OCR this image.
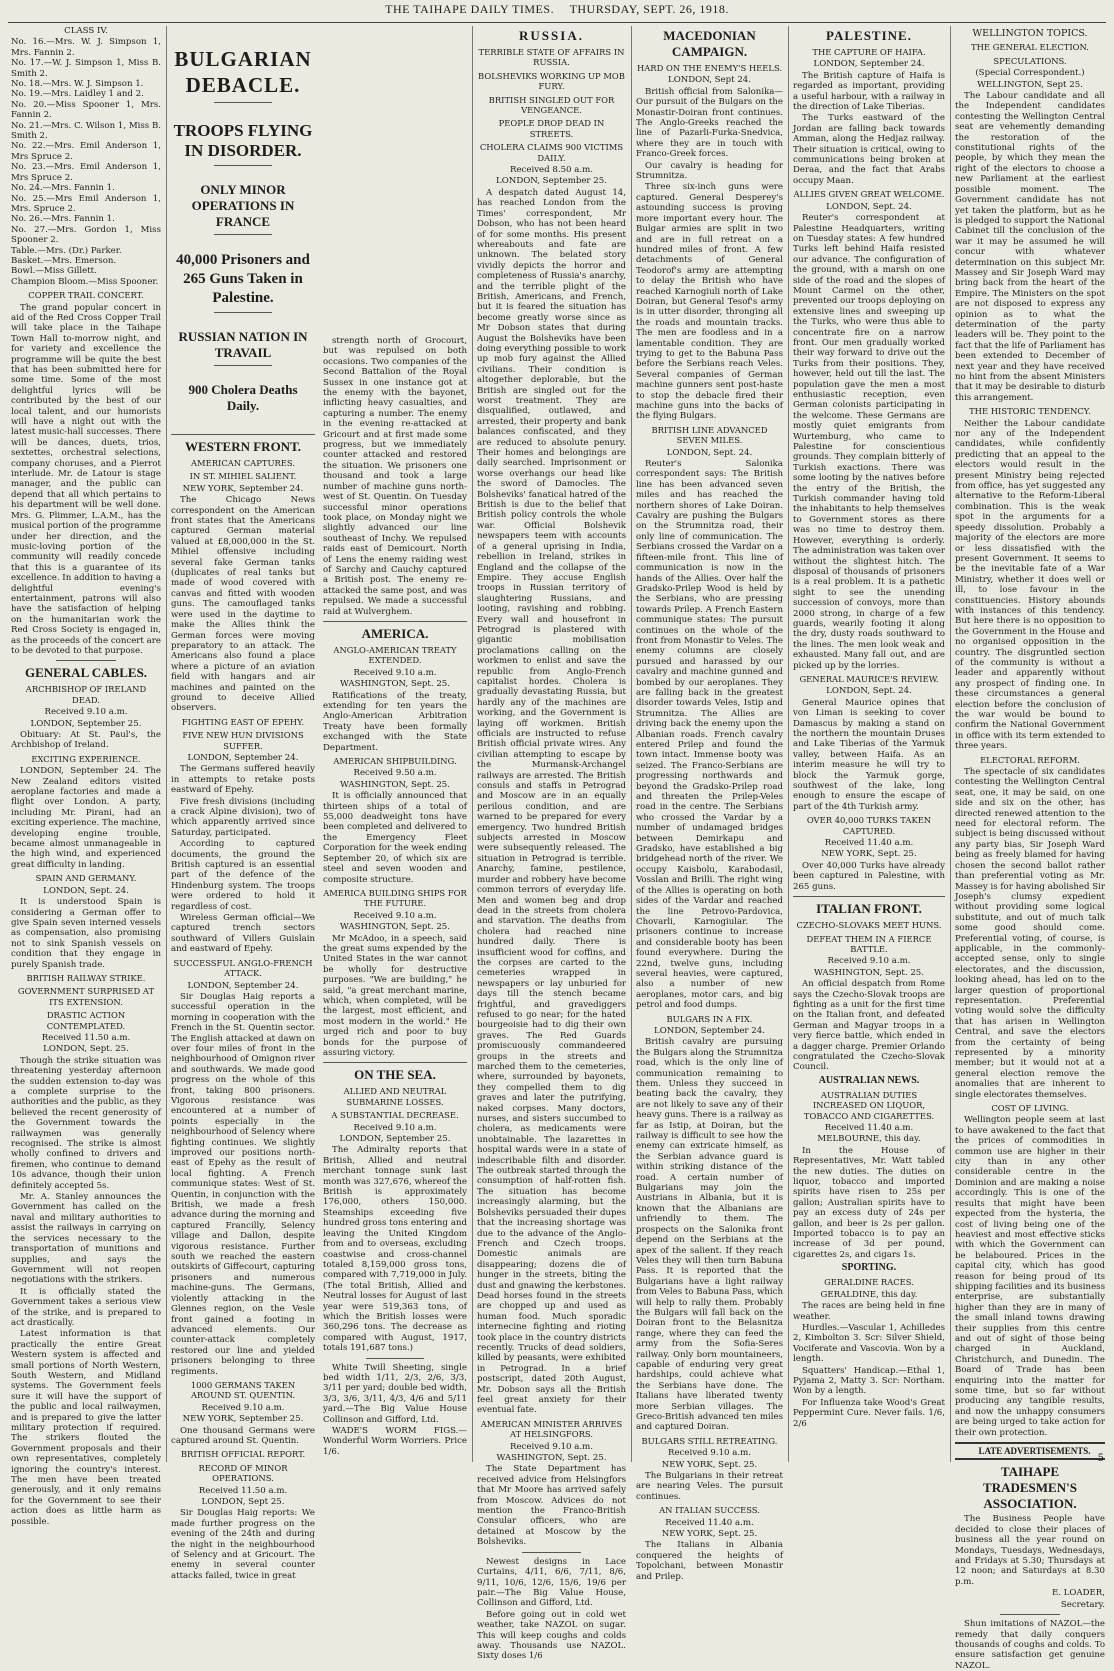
THE TAIHAPE DAILY TIMES. THURSDAY, SEPT. 26, 1918.

CLASS IV.

No. 16.—Mrs. W. J. Simpson 1, Mrs. Fannin 2.

No. 17.—W. J. Simpson 1, Miss B. Smith 2.

No. 18.—Mrs. W. J. Simpson 1.

No. 19.—Mrs. Laidley 1 and 2.

No. 20.—Miss Spooner 1, Mrs. Fannin 2.

No. 21.—Mrs. C. Wilson 1, Miss B. Smith 2.

No. 22.—Mrs. Emil Anderson 1, Mrs Spruce 2.

No. 23.—Mrs. Emil Anderson 1, Mrs Spruce 2.

No. 24.—Mrs. Fannin 1.

No. 25.—Mrs Emil Anderson 1, Mrs. Spruce 2.

No. 26.—Mrs. Fannin 1.

No. 27.—Mrs. Gordon 1, Miss Spooner 2.

Table.—Mrs. (Dr.) Parker.

Basket.—Mrs. Emerson.

Bowl.—Miss Gillett.

Champion Bloom.—Miss Spooner.

COPPER TRAIL CONCERT.

The grand popular concert in aid of the Red Cross Copper Trail will take place in the Taihape Town Hall to-morrow night, and for variety and excellence the programme will be quite the best that has been submitted here for some time. Some of the most delightful lyrics will be contributed by the best of our local talent, and our humorists will have a night out with the latest music-hall successes. There will be dances, duets, trios, sextettes, orchestral selections, company choruses, and a Pierrot interlude. Mr. de Latour is stage manager, and the public can depend that all which pertains to his department will be well done. Mrs. G. Plimmer, L.A.M., has the musical portion of the programme under her direction, and the music-loving portion of the community will readily concede that this is a guarantee of its excellence. In addition to having a delightful evening's entertainment, patrons will also have the satisfaction of helping on the humanitarian work the Red Cross Society is engaged in, as the proceeds of the concert are to be devoted to that purpose.

GENERAL CABLES.

ARCHBISHOP OF IRELAND DEAD.

Received 9.10 a.m.

LONDON, September 25.

Obituary: At St. Paul's, the Archbishop of Ireland.

EXCITING EXPERIENCE.

LONDON, September 24. The New Zealand editors visited aeroplane factories and made a flight over London. A party, including Mr. Pirani, had an exciting experience. The machine, developing engine trouble, became almost unmanageable in the high wind, and experienced great difficulty in landing.

SPAIN AND GERMANY.

LONDON, Sept. 24.

It is understood Spain is considering a German offer to give Spain seven interned vessels as compensation, also promising not to sink Spanish vessels on condition that they engage in purely Spanish trade.

BRITISH RAILWAY STRIKE.

GOVERNMENT SURPRISED AT ITS EXTENSION.

DRASTIC ACTION CONTEMPLATED.

Received 11.50 a.m.

LONDON, Sept. 25.

Though the strike situation was threatening yesterday afternoon the sudden extension to-day was a complete surprise to the authorities and the public, as they believed the recent generosity of the Government towards the railwaymen was generally recognised. The strike is almost wholly confined to drivers and firemen, who continue to demand 10s advance, though their union definitely accepted 5s.

Mr. A. Stanley announces the Government has called on the naval and military authorities to assist the railways in carrying on the services necessary to the transportation of munitions and supplies, and says the Government will not reopen negotiations with the strikers.

It is officially stated the Government takes a serious view of the strike, and is prepared to act drastically.

Latest information is that practically the entire Great Western system is affected and small portions of North Western, South Western, and Midland systems. The Government feels sure it will have the support of the public and local railwaymen, and is prepared to give the latter military protection if required. The strikers flouted the Government proposals and their own representatives, completely ignoring the country's interest. The men have been treated generously, and it only remains for the Government to see their action does as little harm as possible.

BULGARIAN DEBACLE.

TROOPS FLYING IN DISORDER.

ONLY MINOR OPERATIONS IN FRANCE

40,000 Prisoners and 265 Guns Taken in Palestine.

RUSSIAN NATION IN TRAVAIL

900 Cholera Deaths Daily.

WESTERN FRONT.

AMERICAN CAPTURES.

IN ST. MIHIEL SALIENT.

NEW YORK, September 24.

The Chicago News correspondent on the American front states that the Americans captured German material valued at £8,000,000 in the St. Mihiel offensive including several fake German tanks (duplicates of real tanks but made of wood covered with canvas and fitted with wooden guns. The camouflaged tanks were used in the daytime to make the Allies think the German forces were moving preparatory to an attack. The Americans also found a place where a picture of an aviation field with hangars and air machines and painted on the ground to deceive Allied observers.

FIGHTING EAST OF EPEHY.

FIVE NEW HUN DIVISIONS SUFFER.

LONDON, September 24.

The Germans suffered heavily in attempts to retake posts eastward of Epehy.

Five fresh divisions (including a crack Alpine division), two of which apparently arrived since Saturday, participated.

According to captured documents, the ground the British captured is an essential part of the defence of the Hindenburg system. The troops were ordered to hold it regardless of cost.

Wireless German official—We captured trench sectors southward of Villers Guislain and eastward of Epehy.

SUCCESSFUL ANGLO-FRENCH ATTACK.

LONDON, September 24.

Sir Douglas Haig reports a successful operation in the morning in cooperation with the French in the St. Quentin sector. The English attacked at dawn on over four miles of front in the neighbourhood of Omignon river and southwards. We made good progress on the whole of this front, taking 800 prisoners. Vigorous resistance was encountered at a number of points especially in the neighbourhood of Selency where fighting continues. We slightly improved our positions north-east of Epehy as the result of local fighting. A French communique states: West of St. Quentin, in conjunction with the British, we made a fresh advance during the morning and captured Francilly, Selency village and Dallon, despite vigorous resistance. Further south we reached the eastern outskirts of Giffecourt, capturing prisoners and numerous machine-guns. The Germans, violently attacking in the Glennes region, on the Vesle front gained a footing in advanced elements. Our counter-attack completely restored our line and yielded prisoners belonging to three regiments.

1000 GERMANS TAKEN AROUND ST. QUENTIN.

Received 9.10 a.m.

NEW YORK, September 25.

One thousand Germans were captured around St. Quentin.

BRITISH OFFICIAL REPORT.

RECORD OF MINOR OPERATIONS.

Received 11.50 a.m.

LONDON, Sept 25.

Sir Douglas Haig reports: We made further progress on the evening of the 24th and during the night in the neighbourhood of Selency and at Gricourt. The enemy in several counter attacks failed, twice in great

strength north of Grocourt, but was repulsed on both occasions. Two companies of the Second Battalion of the Royal Sussex in one instance got at the enemy with the bayonet, inflicting heavy casualties, and capturing a number. The enemy in the evening re-attacked at Gricourt and at first made some progress, but we immediately counter attacked and restored the situation. We prisoners one thousand and took a large number of machine guns north-west of St. Quentin. On Tuesday successful minor operations took place, on Monday night we slightly advanced our line southeast of Inchy. We repulsed raids east of Demicourt. North of Lens the enemy raiding west of Sarchy and Cauchy captured a British post. The enemy re-attacked the same post, and was repulsed. We made a successful raid at Wulverghem.

AMERICA.

ANGLO-AMERICAN TREATY EXTENDED.

Received 9.10 a.m.

WASHINGTON, Sept. 25.

Ratifications of the treaty, extending for ten years the Anglo-American Arbitration Treaty have been formally exchanged with the State Department.

AMERICAN SHIPBUILDING.

Received 9.50 a.m.

WASHINGTON, Sept. 25.

It is officially announced that thirteen ships of a total of 55,000 deadweight tons have been completed and delivered to the Emergency Fleet Corporation for the week ending September 20, of which six are steel and seven wooden and composite structure.

AMERICA BUILDING SHIPS FOR THE FUTURE.

Received 9.10 a.m.

WASHINGTON, Sept. 25.

Mr McAdoo, in a speech, said the great sums expended by the United States in the war cannot be wholly for destructive purposes. "We are building," he said, "a great merchant marine, which, when completed, will be the largest, most efficient, and most modern in the world." He urged rich and poor to buy bonds for the purpose of assuring victory.

ON THE SEA.

ALLIED AND NEUTRAL SUBMARINE LOSSES.

A SUBSTANTIAL DECREASE.

Received 9.10 a.m.

LONDON, September 25.

The Admiralty reports that British, Allied and neutral merchant tonnage sunk last month was 327,676, whereof the British is approximately 176,000, others 150,000. Steamships exceeding five hundred gross tons entering and leaving the United Kingdom from and to overseas, excluding coastwise and cross-channel totaled 8,159,000 gross tons, compared with 7,719,000 in July. (The total British, Allied and Neutral losses for August of last year were 519,363 tons, of which the British losses were 360,296 tons. The decrease as compared with August, 1917, totals 191,687 tons.)

White Twill Sheeting, single bed width 1/11, 2/3, 2/6, 3/3, 3/11 per yard; double bed width, 3/3, 3/6, 3/11, 4/3, 4/6 and 5/11 yard.—The Big Value House Collinson and Gifford, Ltd.

WADE'S WORM FIGS.—Wonderful Worm Worriers. Price 1/6.

RUSSIA.

TERRIBLE STATE OF AFFAIRS IN RUSSIA.

BOLSHEVIKS WORKING UP MOB FURY.

BRITISH SINGLED OUT FOR VENGEANCE.

PEOPLE DROP DEAD IN STREETS.

CHOLERA CLAIMS 900 VICTIMS DAILY.

Received 8.50 a.m.

LONDON, September 25.

A despatch dated August 14, has reached London from the Times' correspondent, Mr Dobson, who has not been heard of for some months. His present whereabouts and fate are unknown. The belated story vividly depicts the horror and completeness of Russia's anarchy, and the terrible plight of the British, Americans, and French, but it is feared the situation has become greatly worse since as Mr Dobson states that during August the Bolsheviks have been doing everything possible to work up mob fury against the Allied civilians. Their condition is altogether deplorable, but the British are singled out for the worst treatment. They are disqualified, outlawed, and arrested, their property and bank balances confiscated, and they are reduced to absolute penury. Their homes and belongings are daily searched. Imprisonment or worse overhangs our head like the sword of Damocles. The Bolsheviks' fanatical hatred of the British is due to the belief that British policy controls the whole war. Official Bolshevik newspapers teem with accounts of a general uprising in India, rebellion in Ireland, strikes in England and the collapse of the Empire. They accuse English troops in Russian territory of slaughtering Russians, and looting, ravishing and robbing. Every wall and housefront in Petrograd is plastered with gigantic mobilisation proclamations calling on the workmen to enlist and save the republic from Anglo-French capitalist hordes. Cholera is gradually devastating Russia, but hardly any of the machines are working, and the Government is laying off workmen. British officials are instructed to refuse British official private wires. Any civilian attempting to escape by the Murmansk-Archangel railways are arrested. The British consuls and staffs in Petrograd and Moscow are in an equally perilous condition, and are warned to be prepared for every emergency. Two hundred British subjects arrested in Moscow were subsequently released. The situation in Petrograd is terrible. Anarchy, famine, pestilence, murder and robbery have become common terrors of everyday life. Men and women beg and drop dead in the streets from cholera and starvation. The deaths from cholera had reached nine hundred daily. There is insufficient wood for coffins, and the corpses are carted to the cemeteries wrapped in newspapers or lay unburied for days till the stench became frightful, and gravediggers refused to go near; for the hated bourgeoisie had to dig their own graves. The Red Guards promiscuously commandeered groups in the streets and marched them to the cemeteries, where, surrounded by bayonets, they compelled them to dig graves and later the putrifying, naked corpses. Many doctors, nurses, and sisters succumbed to cholera, as medicaments were unobtainable. The lazarettes in hospital wards were in a state of indescribable filth and disorder. The outbreak started through the consumption of half-rotten fish. The situation has become increasingly alarming, but the Bolsheviks persuaded their dupes that the increasing shortage was due to the advance of the Anglo-French and Czech troops. Domestic animals are disappearing; dozens die of hunger in the streets, biting the dust and gnawing the kerbstones. Dead horses found in the streets are chopped up and used as human food. Much sporadic internecine fighting and rioting took place in the country districts recently. Trucks of dead soldiers, killed by peasants, were exhibited in Petrograd. In a brief postscript, dated 20th August, Mr. Dobson says all the British feel great anxiety for their eventual fate.

AMERICAN MINISTER ARRIVES AT HELSINGFORS.

Received 9.10 a.m.

WASHINGTON, Sept. 25.

The State Department has received advice from Helsingfors that Mr Moore has arrived safely from Moscow. Advices do not mention the Franco-British Consular officers, who are detained at Moscow by the Bolsheviks.

Newest designs in Lace Curtains, 4/11, 6/6, 7/11, 8/6, 9/11, 10/6, 12/6, 15/6, 19/6 per pair.—The Big Value House, Collinson and Gifford, Ltd.

Before going out in cold wet weather, take NAZOL on sugar. This will keep coughs and colds away. Thousands use NAZOL. Sixty doses 1/6

MACEDONIAN CAMPAIGN.

HARD ON THE ENEMY'S HEELS.

LONDON, Sept 24.

British official from Salonika—Our pursuit of the Bulgars on the Monastir-Doiran front continues. The Anglo-Greeks reached the line of Pazarli-Furka-Snedvica, where they are in touch with Franco-Greek forces.

Our cavalry is heading for Strumnitza.

Three six-inch guns were captured. General Desperey's astounding success is proving more important every hour. The Bulgar armies are split in two and are in full retreat on a hundred miles of front. A few detachments of General Teodorof's army are attempting to delay the British who have reached Karnogiuli north of Lake Doiran, but General Tesof's army is in utter disorder, thronging all the roads and mountain tracks. The men are foodless and in a lamentable condition. They are trying to get to the Babuna Pass before the Serbians reach Veles. Several companies of German machine gunners sent post-haste to stop the debacle fired their machine guns into the backs of the flying Bulgars.

BRITISH LINE ADVANCED SEVEN MILES.

LONDON, Sept. 24.

Reuter's Salonika correspondent says: The British line has been advanced seven miles and has reached the northern shores of Lake Doiran. Cavalry are pushing the Bulgars on the Strumnitza road, their only line of communication. The Serbians crossed the Vardar on a fifteen-mile front. This line of communication is now in the hands of the Allies. Over half the Gradsko-Prilep Wood is held by the Serbians, who are pressing towards Prilep. A French Eastern communique states: The pursuit continues on the whole of the front from Monastir to Veles. The enemy columns are closely pursued and harassed by our cavalry and machine gunned and bombed by our aeroplanes. They are falling back in the greatest disorder towards Veles, Istip and Strumnitza. The Allies are driving back the enemy upon the Albanian roads. French cavalry entered Prilep and found the town intact. Immense booty was seized. The Franco-Serbians are progressing northwards and beyond the Gradsko-Prilep road and threaten the Prilep-Veles road in the centre. The Serbians who crossed the Vardar by a number of undamaged bridges between Demirkapu and Gradsko, have established a big bridgehead north of the river. We occupy Kaisbolu, Karabodasil, Vosslan and Brilli. The right wing of the Allies is operating on both sides of the Vardar and reached the line Petrovo-Pardovica, Chovarli, Karnogiular. The prisoners continue to increase and considerable booty has been found everywhere. During the 22nd, twelve guns, including several heavies, were captured, also a number of new aeroplanes, motor cars, and big petrol and food dumps.

BULGARS IN A FIX.

LONDON, September 24.

British cavalry are pursuing the Bulgars along the Strumnitza road, which is the only line of communication remaining to them. Unless they succeed in beating back the cavalry, they are not likely to save any of their heavy guns. There is a railway as far as Istip, at Doiran, but the railway is difficult to see how the enemy can extricate himself, as the Serbian advance guard is within striking distance of the road. A certain number of Bulgarians may join the Austrians in Albania, but it is known that the Albanians are unfriendly to them. The prospects on the Salonika front depend on the Serbians at the apex of the salient. If they reach Veles they will then turn Babuna Pass. It is reported that the Bulgarians have a light railway from Veles to Babuna Pass, which will help to rally them. Probably the Bulgars will fall back on the Doiran front to the Belasnitza range, where they can feed the army from the Sofia-Seres railway. Only born mountaineers, capable of enduring very great hardships, could achieve what the Serbians have done. The Italians have liberated twenty more Serbian villages. The Greco-British advanced ten miles and captured Doiran.

BULGARS STILL RETREATING.

Received 9.10 a.m.

NEW YORK, Sept. 25.

The Bulgarians in their retreat are nearing Veles. The pursuit continues.

AN ITALIAN SUCCESS.

Received 11.40 a.m.

NEW YORK, Sept. 25.

The Italians in Albania conquered the heights of Topolchani, between Monastir and Prilep.

PALESTINE.

THE CAPTURE OF HAIFA.

LONDON, September 24.

The British capture of Haifa is regarded as important, providing a useful harbour, with a railway in the direction of Lake Tiberias.

The Turks eastward of the Jordan are falling back towards Amman, along the Hedjaz railway. Their situation is critical, owing to communications being broken at Deraa, and the fact that Arabs occupy Maan.

ALLIES GIVEN GREAT WELCOME.

LONDON, Sept. 24.

Reuter's correspondent at Palestine Headquarters, writing on Tuesday states: A few hundred Turks left behind Haifa resisted our advance. The configuration of the ground, with a marsh on one side of the road and the slopes of Mount Carmel on the other, prevented our troops deploying on extensive lines and sweeping up the Turks, who were thus able to concentrate fire on a narrow front. Our men gradually worked their way forward to drive out the Turks from their positions. They, however, held out till the last. The population gave the men a most enthusiastic reception, even German colonists participating in the welcome. These Germans are mostly quiet emigrants from Wurtemburg, who came to Palestine for conscientious grounds. They complain bitterly of Turkish exactions. There was some looting by the natives before the entry of the British, the Turkish commander having told the inhabitants to help themselves to Government stores as there was no time to destroy them. However, everything is orderly. The administration was taken over without the slightest hitch. The disposal of thousands of prisoners is a real problem. It is a pathetic sight to see the unending succession of convoys, more than 2000 strong, in charge of a few guards, wearily footing it along the dry, dusty roads southward to the lines. The men look weak and exhausted. Many fall out, and are picked up by the lorries.

GENERAL MAURICE'S REVIEW.

LONDON, Sept. 24.

General Maurice opines that von Liman is seeking to cover Damascus by making a stand on the northern the mountain Druses and Lake Tiberias of the Yarmuk valley, between Haifa. As an interim measure he will try to block the Yarmuk gorge, southwest of the lake, long enough to ensure the escape of part of the 4th Turkish army.

OVER 40,000 TURKS TAKEN CAPTURED.

Received 11.40 a.m.

NEW YORK, Sept. 25.

Over 40,000 Turks have already been captured in Palestine, with 265 guns.

ITALIAN FRONT.

CZECHO-SLOVAKS MEET HUNS.

DEFEAT THEM IN A FIERCE BATTLE.

Received 9.10 a.m.

WASHINGTON, Sept. 25.

An official despatch from Rome says the Czecho-Slovak troops are fighting as a unit for the first time on the Italian front, and defeated German and Magyar troops in a very fierce battle, which ended in a dagger charge. Premier Orlando congratulated the Czecho-Slovak Council.

AUSTRALIAN NEWS.

AUSTRALIAN DUTIES INCREASED ON LIQUOR, TOBACCO AND CIGARETTES.

Received 11.40 a.m.

MELBOURNE, this day.

In the House of Representatives, Mr. Watt tabled the new duties. The duties on liquor, tobacco and imported spirits have risen to 25s per gallon; Australian spirits have to pay an excess duty of 24s per gallon, and beer is 2s per gallon. Imported tobacco is to pay an increase of 3d per pound, cigarettes 2s, and cigars 1s.

SPORTING.

GERALDINE RACES.

GERALDINE, this day.

The races are being held in fine weather.

Hurdles.—Vascular 1, Achilledes 2, Kimbolton 3. Scr: Silver Shield, Vociferate and Vascovia. Won by a length.

Squatters' Handicap.—Ethal 1, Pyjama 2, Matty 3. Scr: Northam. Won by a length.

For Influenza take Wood's Great Peppermint Cure. Never fails. 1/6, 2/6

WELLINGTON TOPICS.

THE GENERAL ELECTION.

SPECULATIONS.

(Special Correspondent.)

WELLINGTON, Sept 25.

The Labour candidate and all the Independent candidates contesting the Wellington Central seat are vehemently demanding the restoration of the constitutional rights of the people, by which they mean the right of the electors to choose a new Parliament at the earliest possible moment. The Government candidate has not yet taken the platform, but as he is pledged to support the National Cabinet till the conclusion of the war it may be assumed he will concur with whatever determination on this subject Mr. Massey and Sir Joseph Ward may bring back from the heart of the Empire. The Ministers on the spot are not disposed to express any opinion as to what the determination of the party leaders will be. They point to the fact that the life of Parliament has been extended to December of next year and they have received no hint from the absent Ministers that it may be desirable to disturb this arrangement.

THE HISTORIC TENDENCY.

Neither the Labour candidate nor any of the Independent candidates, while confidently predicting that an appeal to the electors would result in the present Ministry being rejected from office, has yet suggested any alternative to the Reform-Liberal combination. This is the weak spot in the arguments for a speedy dissolution. Probably a majority of the electors are more or less dissatisfied with the present Government. It seems to be the inevitable fate of a War Ministry, whether it does well or ill, to lose favour in the constituencies. History abounds with instances of this tendency. But here there is no opposition to the Government in the House and no organised opposition in the country. The disgruntled section of the community is without a leader and apparently without any prospect of finding one. In these circumstances a general election before the conclusion of the war would be bound to confirm the National Government in office with its term extended to three years.

ELECTORAL REFORM.

The spectacle of six candidates contesting the Wellington Central seat, one, it may be said, on one side and six on the other, has directed renewed attention to the need for electoral reform. The subject is being discussed without any party bias, Sir Joseph Ward being as freely blamed for having chosen the second ballot rather than preferential voting as Mr. Massey is for having abolished Sir Joseph's clumsy expedient without providing some logical substitute, and out of much talk some good should come. Preferential voting, of course, is applicable, in the commonly-accepted sense, only to single electorates, and the discussion, looking ahead, has led on to the larger question of proportional representation. Preferential voting would solve the difficulty that has arisen in Wellington Central, and save the electors from the certainty of being represented by a minority member; but it would not at a general election remove the anomalies that are inherent to single electorates themselves.

COST OF LIVING.

Wellington people seem at last to have awakened to the fact that the prices of commodities in common use are higher in their city than in any other considerable centre in the Dominion and are making a noise accordingly. This is one of the results that might have been expected from the hysteria, the cost of living being one of the heaviest and most effective sticks with which the Government can be belaboured. Prices in the capital city, which has good reason for being proud of its shipping facilities and its business enterprise, are substantially higher than they are in many of the small inland towns drawing their supplies from this centre and out of sight of those being charged in Auckland, Christchurch, and Dunedin. The Board of Trade has been enquiring into the matter for some time, but so far without producing any tangible results, and now the unhappy consumers are being urged to take action for their own protection.

LATE ADVERTISEMENTS.

TAIHAPE TRADESMEN'S ASSOCIATION.

The Business People have decided to close their places of business all the year round on Mondays, Tuesdays, Wednesdays, and Fridays at 5.30; Thursdays at 12 noon; and Saturdays at 8.30 p.m.

E. LOADER,

Secretary.

Shun imitations of NAZOL—the remedy that daily conquers thousands of coughs and colds. To ensure satisfaction get genuine NAZOL.

5
